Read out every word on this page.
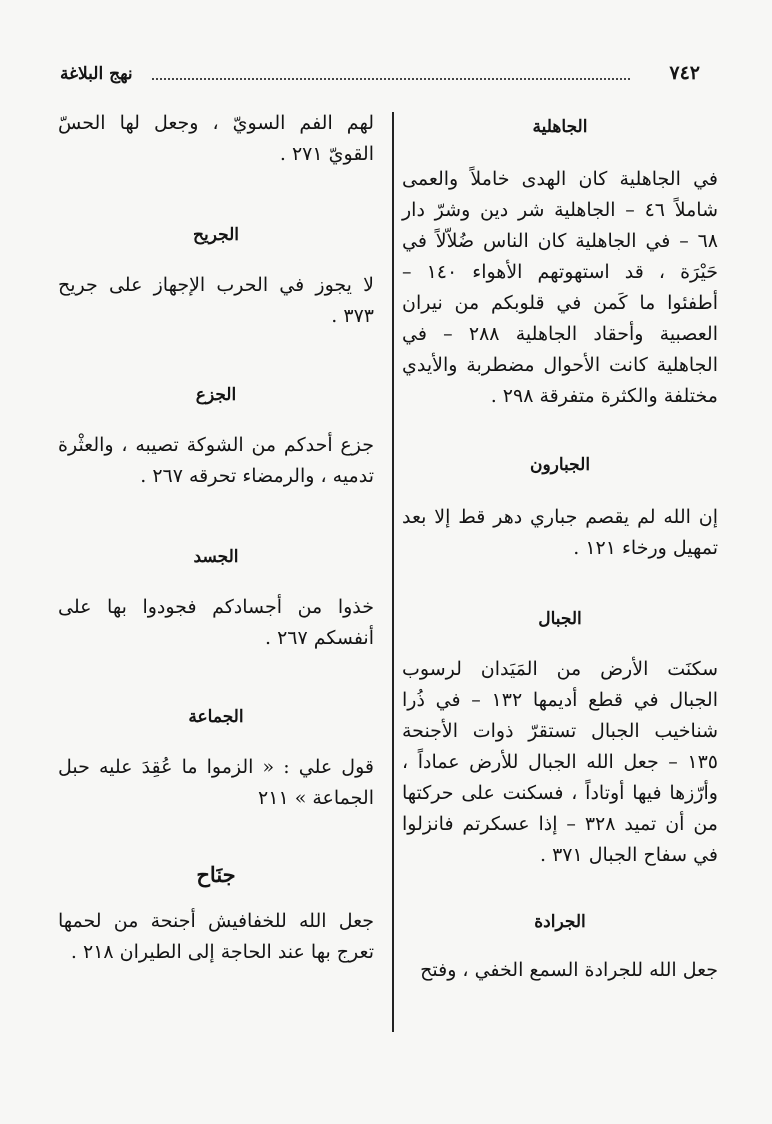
نهج البلاغة	٧٤٢
الجاهلية

في الجاهلية كان الهدى خاملاً والعمى شاملاً ٤٦ – الجاهلية شر دين وشرّ دار ٦٨ – في الجاهلية كان الناس ضُلاّلاً في حَيْرَة ، قد استهوتهم الأهواء ١٤٠ – أطفئوا ما كَمن في قلوبكم من نيران العصبية وأحقاد الجاهلية ٢٨٨ – في الجاهلية كانت الأحوال مضطربة والأيدي مختلفة والكثرة متفرقة ٢٩٨ .

الجبارون

إن الله لم يقصم جباري دهر قط إلا بعد تمهيل ورخاء ١٢١ .

الجبال

سكنَت الأرض من المَيَدان لرسوب الجبال في قطع أديمها ١٣٢ – في ذُرا شناخيب الجبال تستقرّ ذوات الأجنحة ١٣٥ – جعل الله الجبال للأرض عماداً ، وأرّزها فيها أوتاداً ، فسكنت على حركتها من أن تميد ٣٢٨ – إذا عسكرتم فانزلوا في سفاح الجبال ٣٧١ .

الجرادة

جعل الله للجرادة السمع الخفي ، وفتح

لهم الفم السويّ ، وجعل لها الحسّ القويّ ٢٧١ .

الجريح

لا يجوز في الحرب الإجهاز على جريح ٣٧٣ .

الجزع

جزع أحدكم من الشوكة تصيبه ، والعثْرة تدميه ، والرمضاء تحرقه ٢٦٧ .

الجسد

خذوا من أجسادكم فجودوا بها على أنفسكم ٢٦٧ .

الجماعة

قول علي : « الزموا ما عُقِدَ عليه حبل الجماعة » ٢١١

جنَاح

جعل الله للخفافيش أجنحة من لحمها تعرج بها عند الحاجة إلى الطيران ٢١٨ .
